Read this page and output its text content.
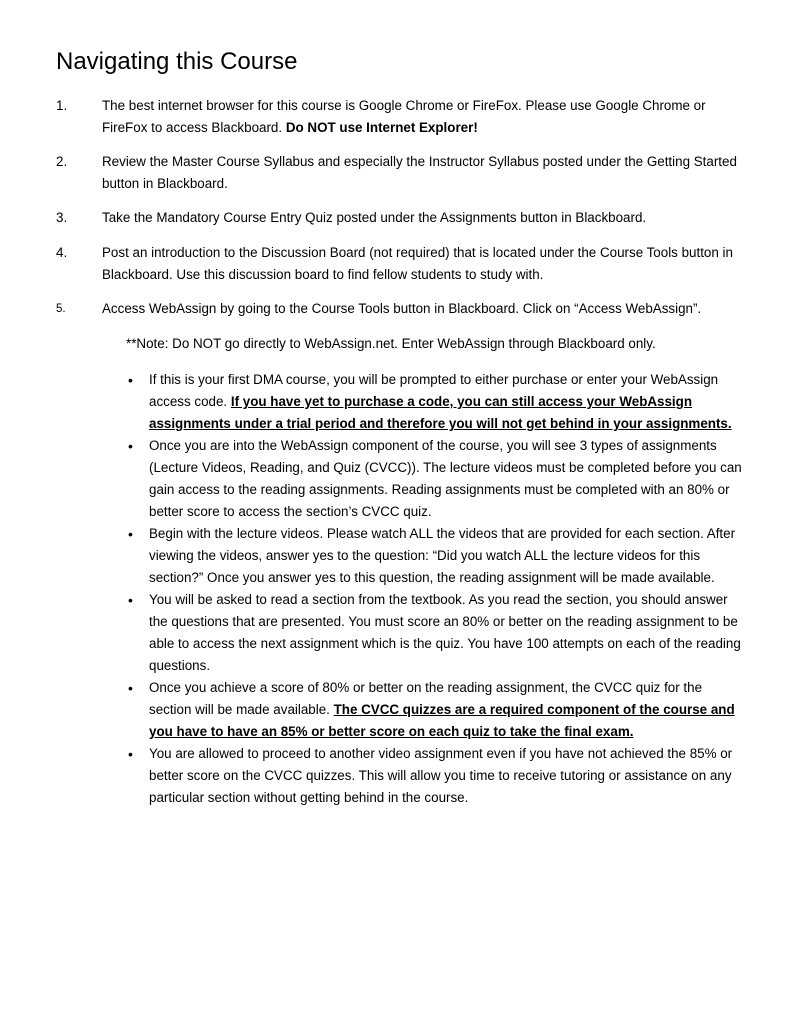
Navigating this Course
1.	The best internet browser for this course is Google Chrome or FireFox. Please use Google Chrome or FireFox to access Blackboard. Do NOT use Internet Explorer!
2.	Review the Master Course Syllabus and especially the Instructor Syllabus posted under the Getting Started button in Blackboard.
3.	Take the Mandatory Course Entry Quiz posted under the Assignments button in Blackboard.
4.	Post an introduction to the Discussion Board (not required) that is located under the Course Tools button in Blackboard. Use this discussion board to find fellow students to study with.
5.	Access WebAssign by going to the Course Tools button in Blackboard. Click on “Access WebAssign”.
**Note: Do NOT go directly to WebAssign.net. Enter WebAssign through Blackboard only.
• If this is your first DMA course, you will be prompted to either purchase or enter your WebAssign access code. If you have yet to purchase a code, you can still access your WebAssign assignments under a trial period and therefore you will not get behind in your assignments.
• Once you are into the WebAssign component of the course, you will see 3 types of assignments (Lecture Videos, Reading, and Quiz (CVCC)). The lecture videos must be completed before you can gain access to the reading assignments. Reading assignments must be completed with an 80% or better score to access the section’s CVCC quiz.
• Begin with the lecture videos. Please watch ALL the videos that are provided for each section. After viewing the videos, answer yes to the question: “Did you watch ALL the lecture videos for this section?” Once you answer yes to this question, the reading assignment will be made available.
• You will be asked to read a section from the textbook. As you read the section, you should answer the questions that are presented. You must score an 80% or better on the reading assignment to be able to access the next assignment which is the quiz. You have 100 attempts on each of the reading questions.
• Once you achieve a score of 80% or better on the reading assignment, the CVCC quiz for the section will be made available. The CVCC quizzes are a required component of the course and you have to have an 85% or better score on each quiz to take the final exam.
• You are allowed to proceed to another video assignment even if you have not achieved the 85% or better score on the CVCC quizzes. This will allow you time to receive tutoring or assistance on any particular section without getting behind in the course.
